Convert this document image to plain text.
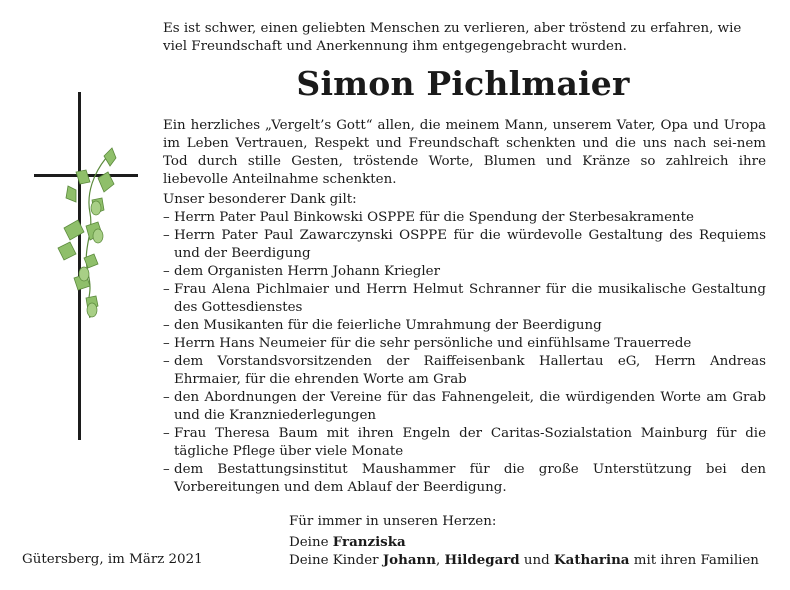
Es ist schwer, einen geliebten Menschen zu verlieren, aber tröstend zu erfahren, wie viel Freundschaft und Anerkennung ihm entgegengebracht wurden.

Simon Pichlmaier

Ein herzliches „Vergelt’s Gott“ allen, die meinem Mann, unserem Vater, Opa und Uropa im Leben Vertrauen, Respekt und Freundschaft schenkten und die uns nach sei-nem Tod durch stille Gesten, tröstende Worte, Blumen und Kränze so zahlreich ihre liebevolle Anteilnahme schenkten.

Unser besonderer Dank gilt:

– Herrn Pater Paul Binkowski OSPPE für die Spendung der Sterbesakramente
– Herrn Pater Paul Zawarczynski OSPPE für die würdevolle Gestaltung des Requiems und der Beerdigung
– dem Organisten Herrn Johann Kriegler
– Frau Alena Pichlmaier und Herrn Helmut Schranner für die musikalische Gestaltung des Gottesdienstes
– den Musikanten für die feierliche Umrahmung der Beerdigung
– Herrn Hans Neumeier für die sehr persönliche und einfühlsame Trauerrede
– dem Vorstandsvorsitzenden der Raiffeisenbank Hallertau eG, Herrn Andreas Ehrmaier, für die ehrenden Worte am Grab
– den Abordnungen der Vereine für das Fahnengeleit, die würdigenden Worte am Grab und die Kranzniederlegungen
– Frau Theresa Baum mit ihren Engeln der Caritas-Sozialstation Mainburg für die tägliche Pflege über viele Monate
– dem Bestattungsinstitut Maushammer für die große Unterstützung bei den Vorbereitungen und dem Ablauf der Beerdigung.

Für immer in unseren Herzen:

Deine Franziska

Deine Kinder Johann, Hildegard und Katharina mit ihren Familien

Gütersberg, im März 2021
